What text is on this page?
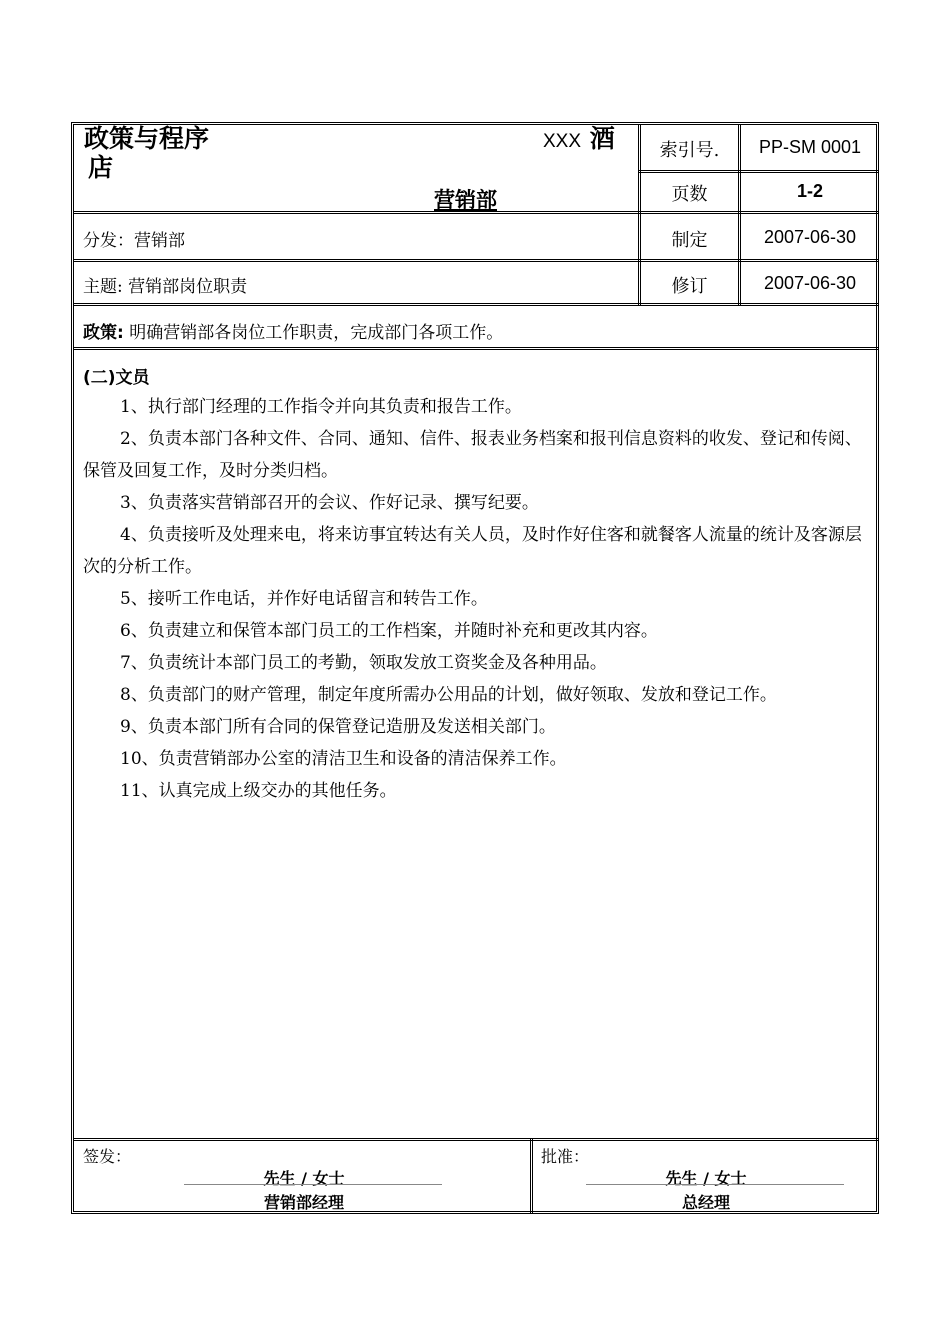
政策与程序
店
XXX 酒
营销部
索引号.	PP-SM 0001
页数	1-2
分发：营销部	制定	2007-06-30
主题: 营销部岗位职责	修订	2007-06-30
政策: 明确营销部各岗位工作职责，完成部门各项工作。
(二)文员

1、执行部门经理的工作指令并向其负责和报告工作。

2、负责本部门各种文件、合同、通知、信件、报表业务档案和报刊信息资料的收发、登记和传阅、保管及回复工作，及时分类归档。

3、负责落实营销部召开的会议、作好记录、撰写纪要。

4、负责接听及处理来电，将来访事宜转达有关人员，及时作好住客和就餐客人流量的统计及客源层次的分析工作。

5、接听工作电话，并作好电话留言和转告工作。

6、负责建立和保管本部门员工的工作档案，并随时补充和更改其内容。

7、负责统计本部门员工的考勤，领取发放工资奖金及各种用品。

8、负责部门的财产管理，制定年度所需办公用品的计划，做好领取、发放和登记工作。

9、负责本部门所有合同的保管登记造册及发送相关部门。

10、负责营销部办公室的清洁卫生和设备的清洁保养工作。

11、认真完成上级交办的其他任务。

签发：
先生 / 女士
营销部经理
批准：
先生 / 女士
总经理
